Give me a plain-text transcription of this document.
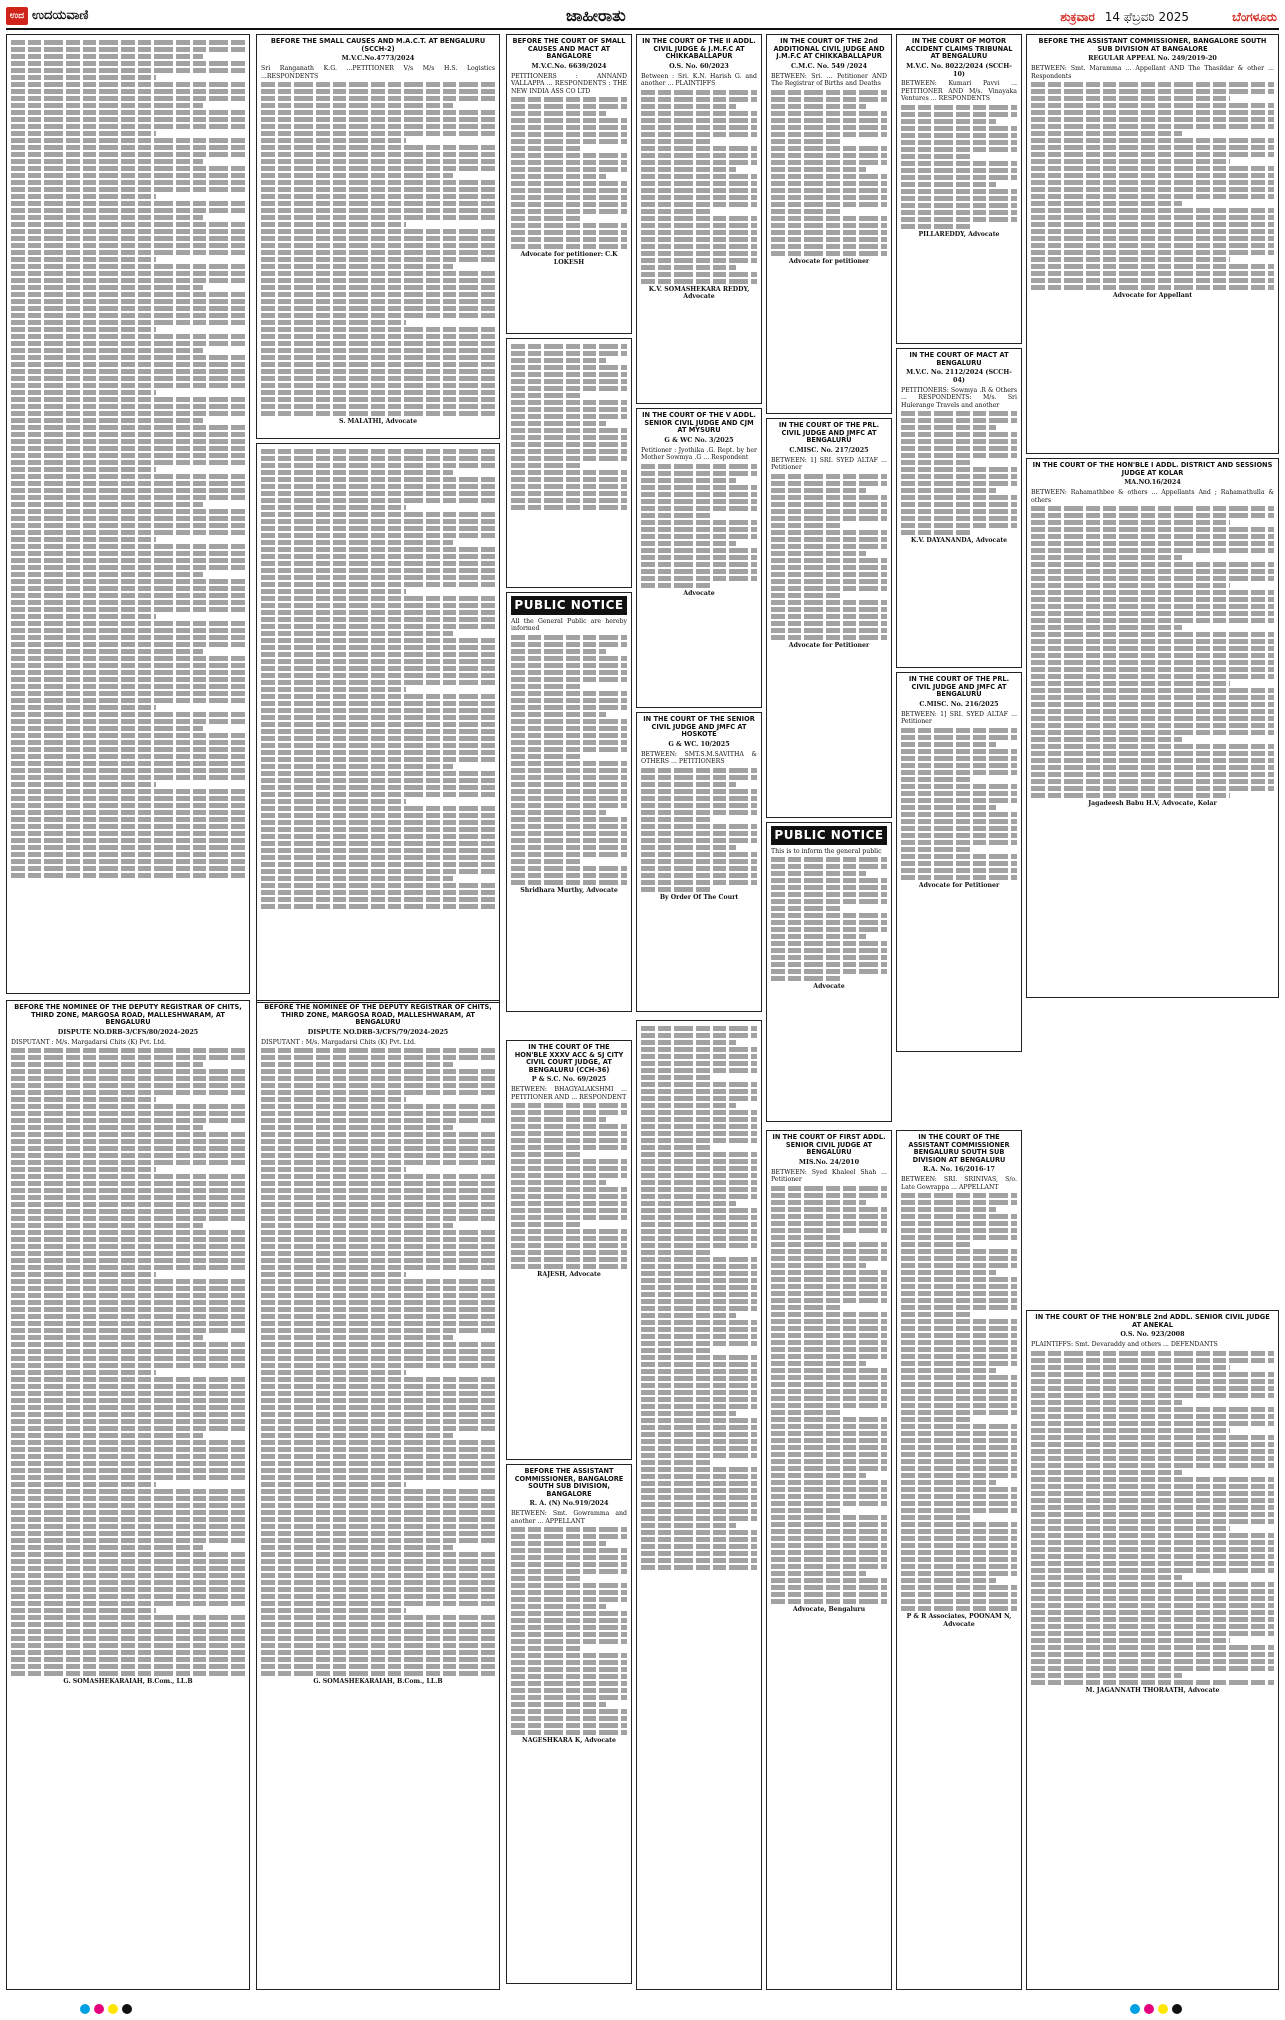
ಉದ ಉದಯವಾಣಿ	ಜಾಹೀರಾತು	ಶುಕ್ರವಾರ 14 ಫೆಬ್ರವರಿ 2025	ಬೆಂಗಳೂರು
BEFORE THE SMALL CAUSES AND M.A.C.T. AT BENGALURU (SCCH-2)
M.V.C.No.4773/2024

Sri Ranganath K.G. ...PETITIONER V/s M/s H.S. Logistics ...RESPONDENTS

S. MALATHI, Advocate
BEFORE THE COURT OF SMALL CAUSES AND MACT AT BANGALORE
M.V.C.No. 6639/2024

PETITIONERS : ANNAND VALLAPPA ... RESPONDENTS : THE NEW INDIA ASS CO LTD

Advocate for petitioner: C.K LOKESH
PUBLIC NOTICE

All the General Public are hereby informed

Shridhara Murthy, Advocate
IN THE COURT OF THE II ADDL. CIVIL JUDGE & J.M.F.C AT CHIKKABALLAPUR
O.S. No. 60/2023

Between : Sri. K.N. Harish G. and another ... PLAINTIFFS

K.V. SOMASHEKARA REDDY, Advocate
IN THE COURT OF THE V ADDL. SENIOR CIVIL JUDGE AND CJM AT MYSURU
G & WC No. 3/2025

Petitioner : Jyothika .G. Rept. by her Mother Sowmya .G ... Respondent

Advocate
IN THE COURT OF THE SENIOR CIVIL JUDGE AND JMFC AT HOSKOTE
G & WC. 10/2025

BETWEEN: SMT.S.M.SAVITHA & OTHERS ... PETITIONERS

By Order Of The Court
IN THE COURT OF THE 2nd ADDITIONAL CIVIL JUDGE AND J.M.F.C AT CHIKKABALLAPUR
C.M.C. No. 549 /2024

BETWEEN: Sri. ... Petitioner AND The Registrar of Births and Deaths

Advocate for petitioner
IN THE COURT OF THE PRL. CIVIL JUDGE AND JMFC AT BENGALURU
C.MISC. No. 217/2025

BETWEEN: 1] SRI. SYED ALTAF ... Petitioner

Advocate for Petitioner
PUBLIC NOTICE

This is to inform the general public

Advocate
IN THE COURT OF MOTOR ACCIDENT CLAIMS TRIBUNAL AT BENGALURU
M.V.C. No. 8022/2024 (SCCH-10)

BETWEEN: Kumari Pavvi ... PETITIONER AND M/s. Vinayaka Ventures ... RESPONDENTS

PILLAREDDY, Advocate
IN THE COURT OF MACT AT BENGALURU
M.V.C. No. 2112/2024 (SCCH-04)

PETITIONERS: Sowmya .R & Others ... RESPONDENTS: M/s. Sri Hulerange Travels and another

K.V. DAYANANDA, Advocate
IN THE COURT OF THE PRL. CIVIL JUDGE AND JMFC AT BENGALURU
C.MISC. No. 216/2025

BETWEEN: 1] SRI. SYED ALTAF ... Petitioner

Advocate for Petitioner
BEFORE THE ASSISTANT COMMISSIONER, BANGALORE SOUTH SUB DIVISION AT BANGALORE
REGULAR APPEAL No. 249/2019-20

BETWEEN: Smt. Maramma ... Appellant AND The Thasildar & other ... Respondents

Advocate for Appellant
IN THE COURT OF THE HON'BLE I ADDL. DISTRICT AND SESSIONS JUDGE AT KOLAR
MA.NO.16/2024

BETWEEN: Rahamathbee & others ... Appellants And ; Rahamathulla & others

Jagadeesh Babu H.V, Advocate, Kolar
BEFORE THE NOMINEE OF THE DEPUTY REGISTRAR OF CHITS, THIRD ZONE, MARGOSA ROAD, MALLESHWARAM, AT BENGALURU
DISPUTE NO.DRB-3/CFS/80/2024-2025

DISPUTANT : M/s. Margadarsi Chits (K) Pvt. Ltd.

G. SOMASHEKARAIAH, B.Com., LL.B
BEFORE THE NOMINEE OF THE DEPUTY REGISTRAR OF CHITS, THIRD ZONE, MARGOSA ROAD, MALLESHWARAM, AT BENGALURU
DISPUTE NO.DRB-3/CFS/79/2024-2025

DISPUTANT : M/s. Margadarsi Chits (K) Pvt. Ltd.

G. SOMASHEKARAIAH, B.Com., LL.B
IN THE COURT OF THE HON'BLE XXXV ACC & SJ CITY CIVIL COURT JUDGE, AT BENGALURU (CCH-36)
P & S.C. No. 69/2025

BETWEEN: BHAGYALAKSHMI ... PETITIONER AND ... RESPONDENT

RAJESH, Advocate
BEFORE THE ASSISTANT COMMISSIONER, BANGALORE SOUTH SUB DIVISION, BANGALORE
R. A. (N) No.919/2024

BETWEEN: Smt. Gowramma and another ... APPELLANT

NAGESHKARA K, Advocate
IN THE COURT OF FIRST ADDL. SENIOR CIVIL JUDGE AT BENGALURU
MIS.No. 24/2010

BETWEEN: Syed Khaleel Shah ... Petitioner

Advocate, Bengaluru
IN THE COURT OF THE ASSISTANT COMMISSIONER BENGALURU SOUTH SUB DIVISION AT BENGALURU
R.A. No. 16/2016-17

BETWEEN: SRI. SRINIVAS, S/o. Late Gowrappa ... APPELLANT

P & R Associates, POONAM N, Advocate
IN THE COURT OF THE HON'BLE 2nd ADDL. SENIOR CIVIL JUDGE AT ANEKAL
O.S. No. 923/2008

PLAINTIFFS: Smt. Devaraddy and others ... DEFENDANTS

M. JAGANNATH THORAATH, Advocate
